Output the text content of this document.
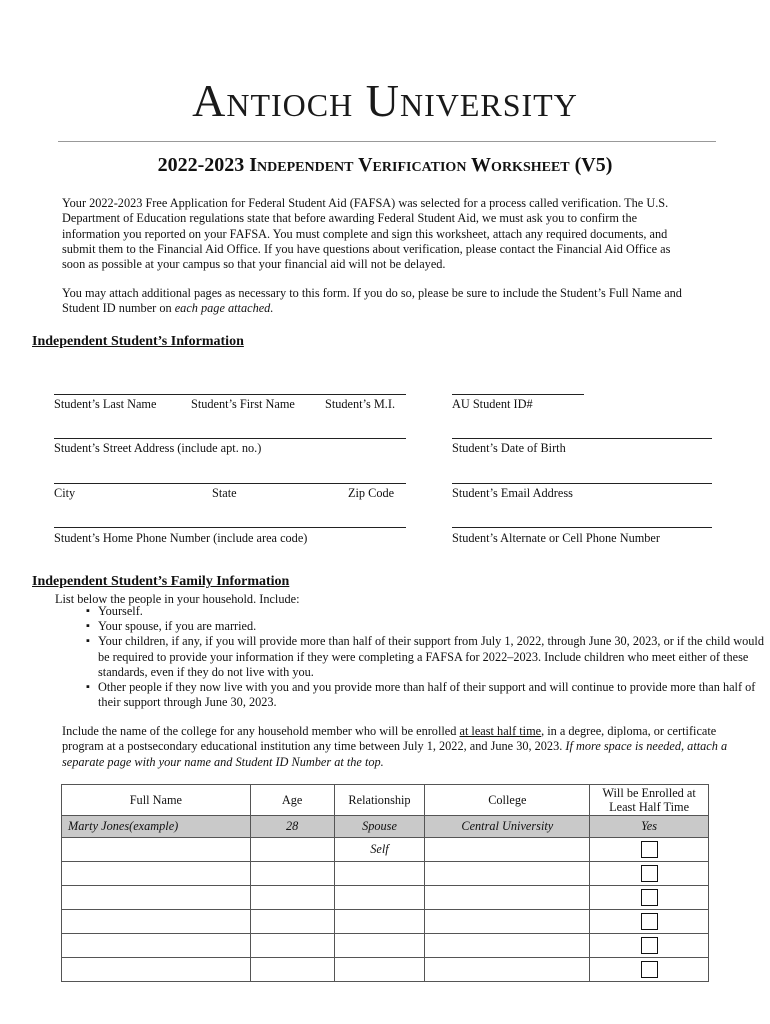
Antioch University
2022-2023 Independent Verification Worksheet (V5)
Your 2022-2023 Free Application for Federal Student Aid (FAFSA) was selected for a process called verification. The U.S. Department of Education regulations state that before awarding Federal Student Aid, we must ask you to confirm the information you reported on your FAFSA. You must complete and sign this worksheet, attach any required documents, and submit them to the Financial Aid Office. If you have questions about verification, please contact the Financial Aid Office as soon as possible at your campus so that your financial aid will not be delayed.
You may attach additional pages as necessary to this form. If you do so, please be sure to include the Student’s Full Name and Student ID number on each page attached.
Independent Student’s Information
Student’s Last Name	Student’s First Name Student’s M.I.	AU Student ID#
Student’s Street Address (include apt. no.)	Student’s Date of Birth
City	State	Zip Code	Student’s Email Address
Student’s Home Phone Number (include area code)	Student’s Alternate or Cell Phone Number
Independent Student’s Family Information
List below the people in your household. Include:
▪ Yourself.
▪ Your spouse, if you are married.
▪ Your children, if any, if you will provide more than half of their support from July 1, 2022, through June 30, 2023, or if the child would be required to provide your information if they were completing a FAFSA for 2022–2023. Include children who meet either of these standards, even if they do not live with you.
▪ Other people if they now live with you and you provide more than half of their support and will continue to provide more than half of their support through June 30, 2023.
Include the name of the college for any household member who will be enrolled at least half time, in a degree, diploma, or certificate program at a postsecondary educational institution any time between July 1, 2022, and June 30, 2023. If more space is needed, attach a separate page with your name and Student ID Number at the top.
Full Name	Age	Relationship	College	Will be Enrolled at Least Half Time
Marty Jones(example)	28	Spouse	Central University	Yes
		Self		
